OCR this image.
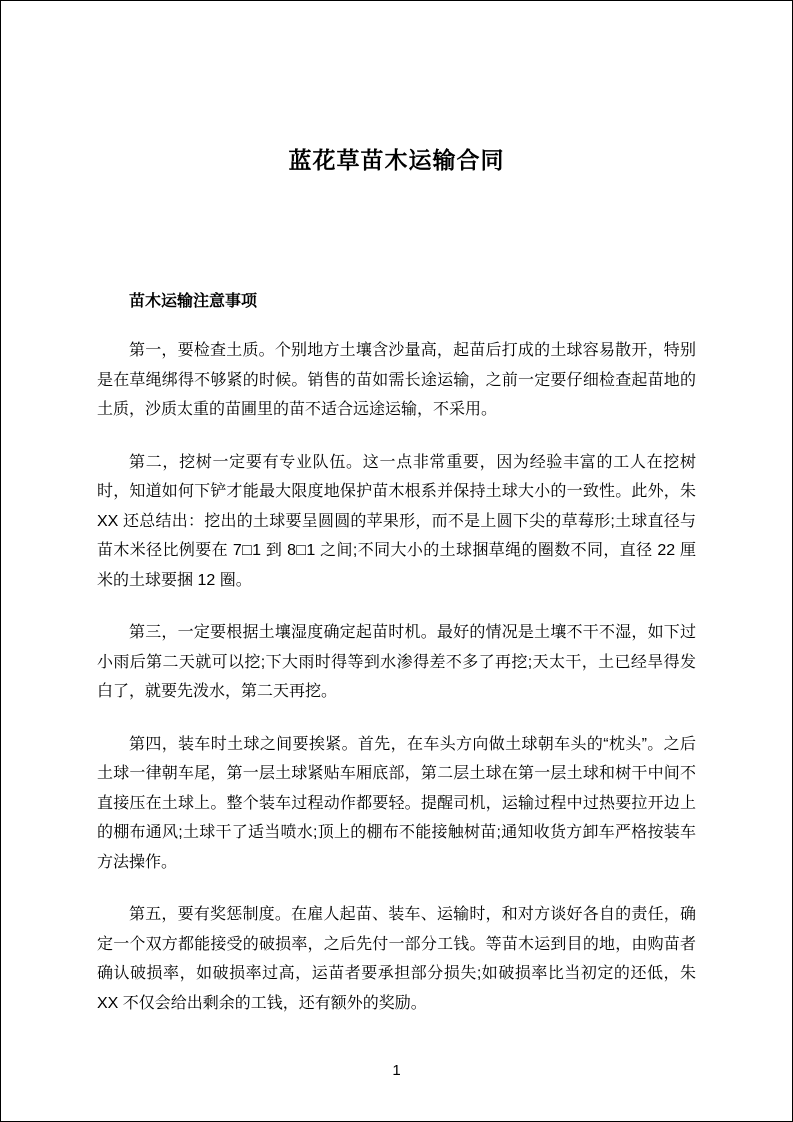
蓝花草苗木运输合同
苗木运输注意事项

第一，要检查土质。个别地方土壤含沙量高，起苗后打成的土球容易散开，特别是在草绳绑得不够紧的时候。销售的苗如需长途运输，之前一定要仔细检查起苗地的土质，沙质太重的苗圃里的苗不适合远途运输，不采用。

第二，挖树一定要有专业队伍。这一点非常重要，因为经验丰富的工人在挖树时，知道如何下铲才能最大限度地保护苗木根系并保持土球大小的一致性。此外，朱 XX 还总结出：挖出的土球要呈圆圆的苹果形，而不是上圆下尖的草莓形;土球直径与苗木米径比例要在 7□1 到 8□1 之间;不同大小的土球捆草绳的圈数不同，直径 22 厘米的土球要捆 12 圈。

第三，一定要根据土壤湿度确定起苗时机。最好的情况是土壤不干不湿，如下过小雨后第二天就可以挖;下大雨时得等到水渗得差不多了再挖;天太干，土已经旱得发白了，就要先泼水，第二天再挖。

第四，装车时土球之间要挨紧。首先，在车头方向做土球朝车头的“枕头”。之后土球一律朝车尾，第一层土球紧贴车厢底部，第二层土球在第一层土球和树干中间不直接压在土球上。整个装车过程动作都要轻。提醒司机，运输过程中过热要拉开边上的棚布通风;土球干了适当喷水;顶上的棚布不能接触树苗;通知收货方卸车严格按装车方法操作。

第五，要有奖惩制度。在雇人起苗、装车、运输时，和对方谈好各自的责任，确定一个双方都能接受的破损率，之后先付一部分工钱。等苗木运到目的地，由购苗者确认破损率，如破损率过高，运苗者要承担部分损失;如破损率比当初定的还低，朱 XX 不仅会给出剩余的工钱，还有额外的奖励。

1
